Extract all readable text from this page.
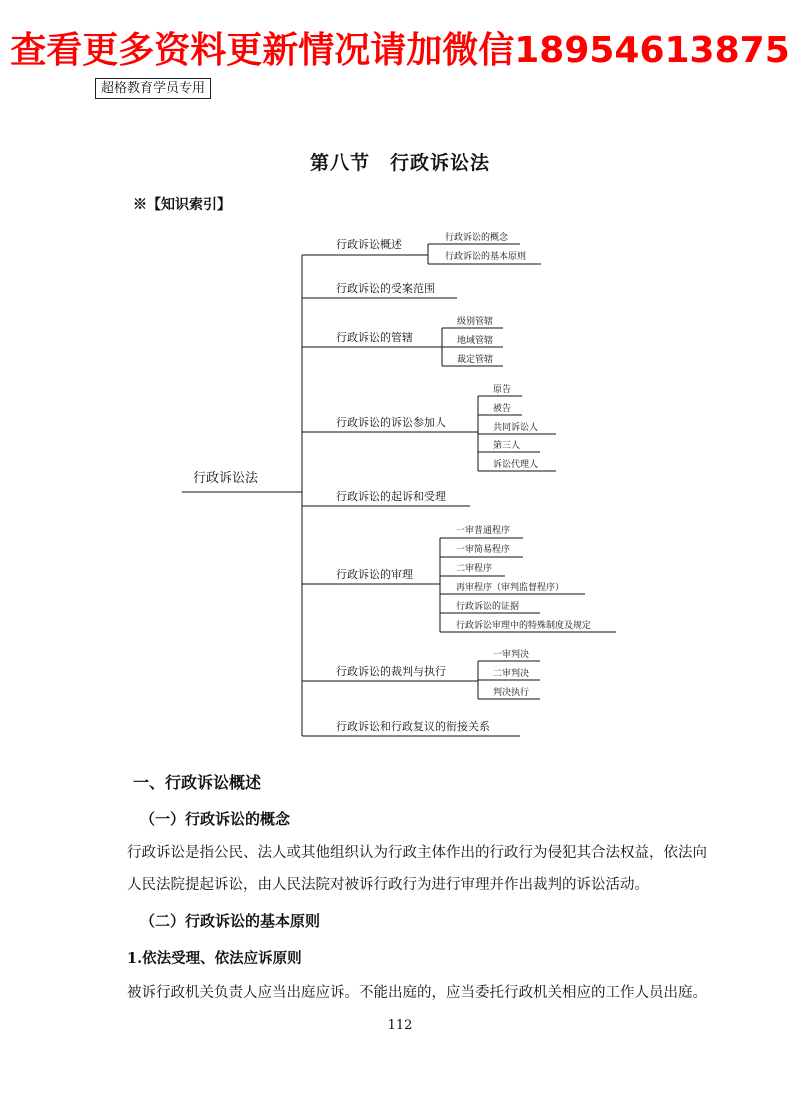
查看更多资料更新情况请加微信18954613875
超格教育学员专用
第八节　行政诉讼法
※【知识索引】
行政诉讼法
行政诉讼概述	行政诉讼的概念
行政诉讼的基本原则
行政诉讼的受案范围
行政诉讼的管辖
级别管辖
地域管辖
裁定管辖
行政诉讼的诉讼参加人
原告
被告
共同诉讼人
第三人
诉讼代理人
行政诉讼的起诉和受理
行政诉讼的审理
一审普通程序
一审简易程序
二审程序
再审程序（审判监督程序）
行政诉讼的证据
行政诉讼审理中的特殊制度及规定
行政诉讼的裁判与执行
一审判决
二审判决
判决执行
行政诉讼和行政复议的衔接关系
一、行政诉讼概述
（一）行政诉讼的概念
行政诉讼是指公民、法人或其他组织认为行政主体作出的行政行为侵犯其合法权益，依法向人民法院提起诉讼，由人民法院对被诉行政行为进行审理并作出裁判的诉讼活动。
（二）行政诉讼的基本原则
1.依法受理、依法应诉原则
被诉行政机关负责人应当出庭应诉。不能出庭的，应当委托行政机关相应的工作人员出庭。
112
